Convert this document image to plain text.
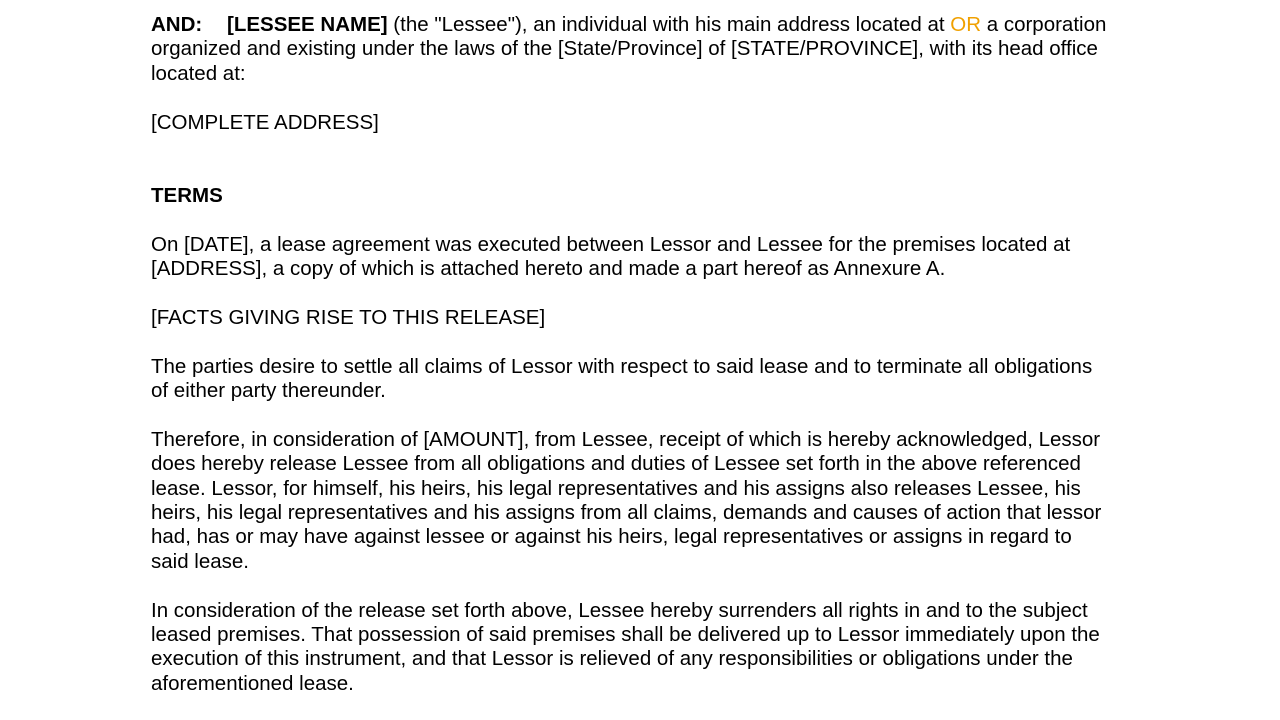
AND: [LESSEE NAME] (the "Lessee"), an individual with his main address located at OR a corporation
organized and existing under the laws of the [State/Province] of [STATE/PROVINCE], with its head office
located at:
[COMPLETE ADDRESS]
TERMS
On [DATE], a lease agreement was executed between Lessor and Lessee for the premises located at
[ADDRESS], a copy of which is attached hereto and made a part hereof as Annexure A.
[FACTS GIVING RISE TO THIS RELEASE]
The parties desire to settle all claims of Lessor with respect to said lease and to terminate all obligations
of either party thereunder.
Therefore, in consideration of [AMOUNT], from Lessee, receipt of which is hereby acknowledged, Lessor
does hereby release Lessee from all obligations and duties of Lessee set forth in the above referenced
lease. Lessor, for himself, his heirs, his legal representatives and his assigns also releases Lessee, his
heirs, his legal representatives and his assigns from all claims, demands and causes of action that lessor
had, has or may have against lessee or against his heirs, legal representatives or assigns in regard to
said lease.
In consideration of the release set forth above, Lessee hereby surrenders all rights in and to the subject
leased premises. That possession of said premises shall be delivered up to Lessor immediately upon the
execution of this instrument, and that Lessor is relieved of any responsibilities or obligations under the
aforementioned lease.
